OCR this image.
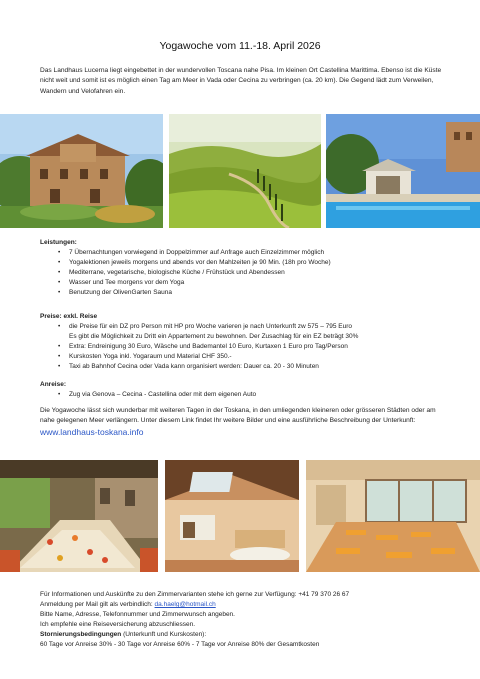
Yogawoche vom 11.-18. April 2026
Das Landhaus Lucerna liegt eingebettet in der wundervollen Toscana nahe Pisa. Im kleinen Ort Castellina Marittima. Ebenso ist die Küste nicht weit und somit ist es möglich einen Tag am Meer in Vada oder Cecina zu verbringen (ca. 20 km). Die Gegend lädt zum Verweilen, Wandern und Velofahren ein.
Leistungen:
• 7 Übernachtungen vorwiegend in Doppelzimmer auf Anfrage auch Einzelzimmer möglich
• Yogalektionen jeweils morgens und abends vor den Mahlzeiten je 90 Min. (18h pro Woche)
• Mediterrane, vegetarische, biologische Küche / Frühstück und Abendessen
• Wasser und Tee morgens vor dem Yoga
• Benutzung der OlivenGarten Sauna
Preise: exkl. Reise
• die Preise für ein DZ pro Person mit HP pro Woche varieren je nach Unterkunft zw 575 – 795 Euro
Es gibt die Möglichkeit zu Dritt ein Appartement zu bewohnen. Der Zusachlag für ein EZ beträgt 30%
• Extra: Endreinigung 30 Euro, Wäsche und Bademantel 10 Euro, Kurtaxen 1 Euro pro Tag/Person
• Kurskosten Yoga inkl. Yogaraum und Material CHF 350.-
• Taxi ab Bahnhof Cecina oder Vada kann organisiert werden: Dauer ca. 20 - 30 Minuten
Anreise:
• Zug via Genova – Cecina - Castellina oder mit dem eigenen Auto
Die Yogawoche lässt sich wunderbar mit weiteren Tagen in der Toskana, in den umliegenden kleineren oder grösseren Städten oder am nahe gelegenen Meer verlängern. Unter diesem Link findet Ihr weitere Bilder und eine ausführliche Beschreibung der Unterkunft: www.landhaus-toskana.info
Für Informationen und Auskünfte zu den Zimmervarianten stehe ich gerne zur Verfügung: +41 79 370 26 67
Anmeldung per Mail gilt als verbindlich: da.haelg@hotmail.ch
Bitte Name, Adresse, Telefonnummer und Zimmerwunsch angeben.
Ich empfehle eine Reiseversicherung abzuschliessen.
Stornierungsbedingungen (Unterkunft und Kurskosten):
60 Tage vor Anreise 30% - 30 Tage vor Anreise 60% - 7 Tage vor Anreise 80% der Gesamtkosten
